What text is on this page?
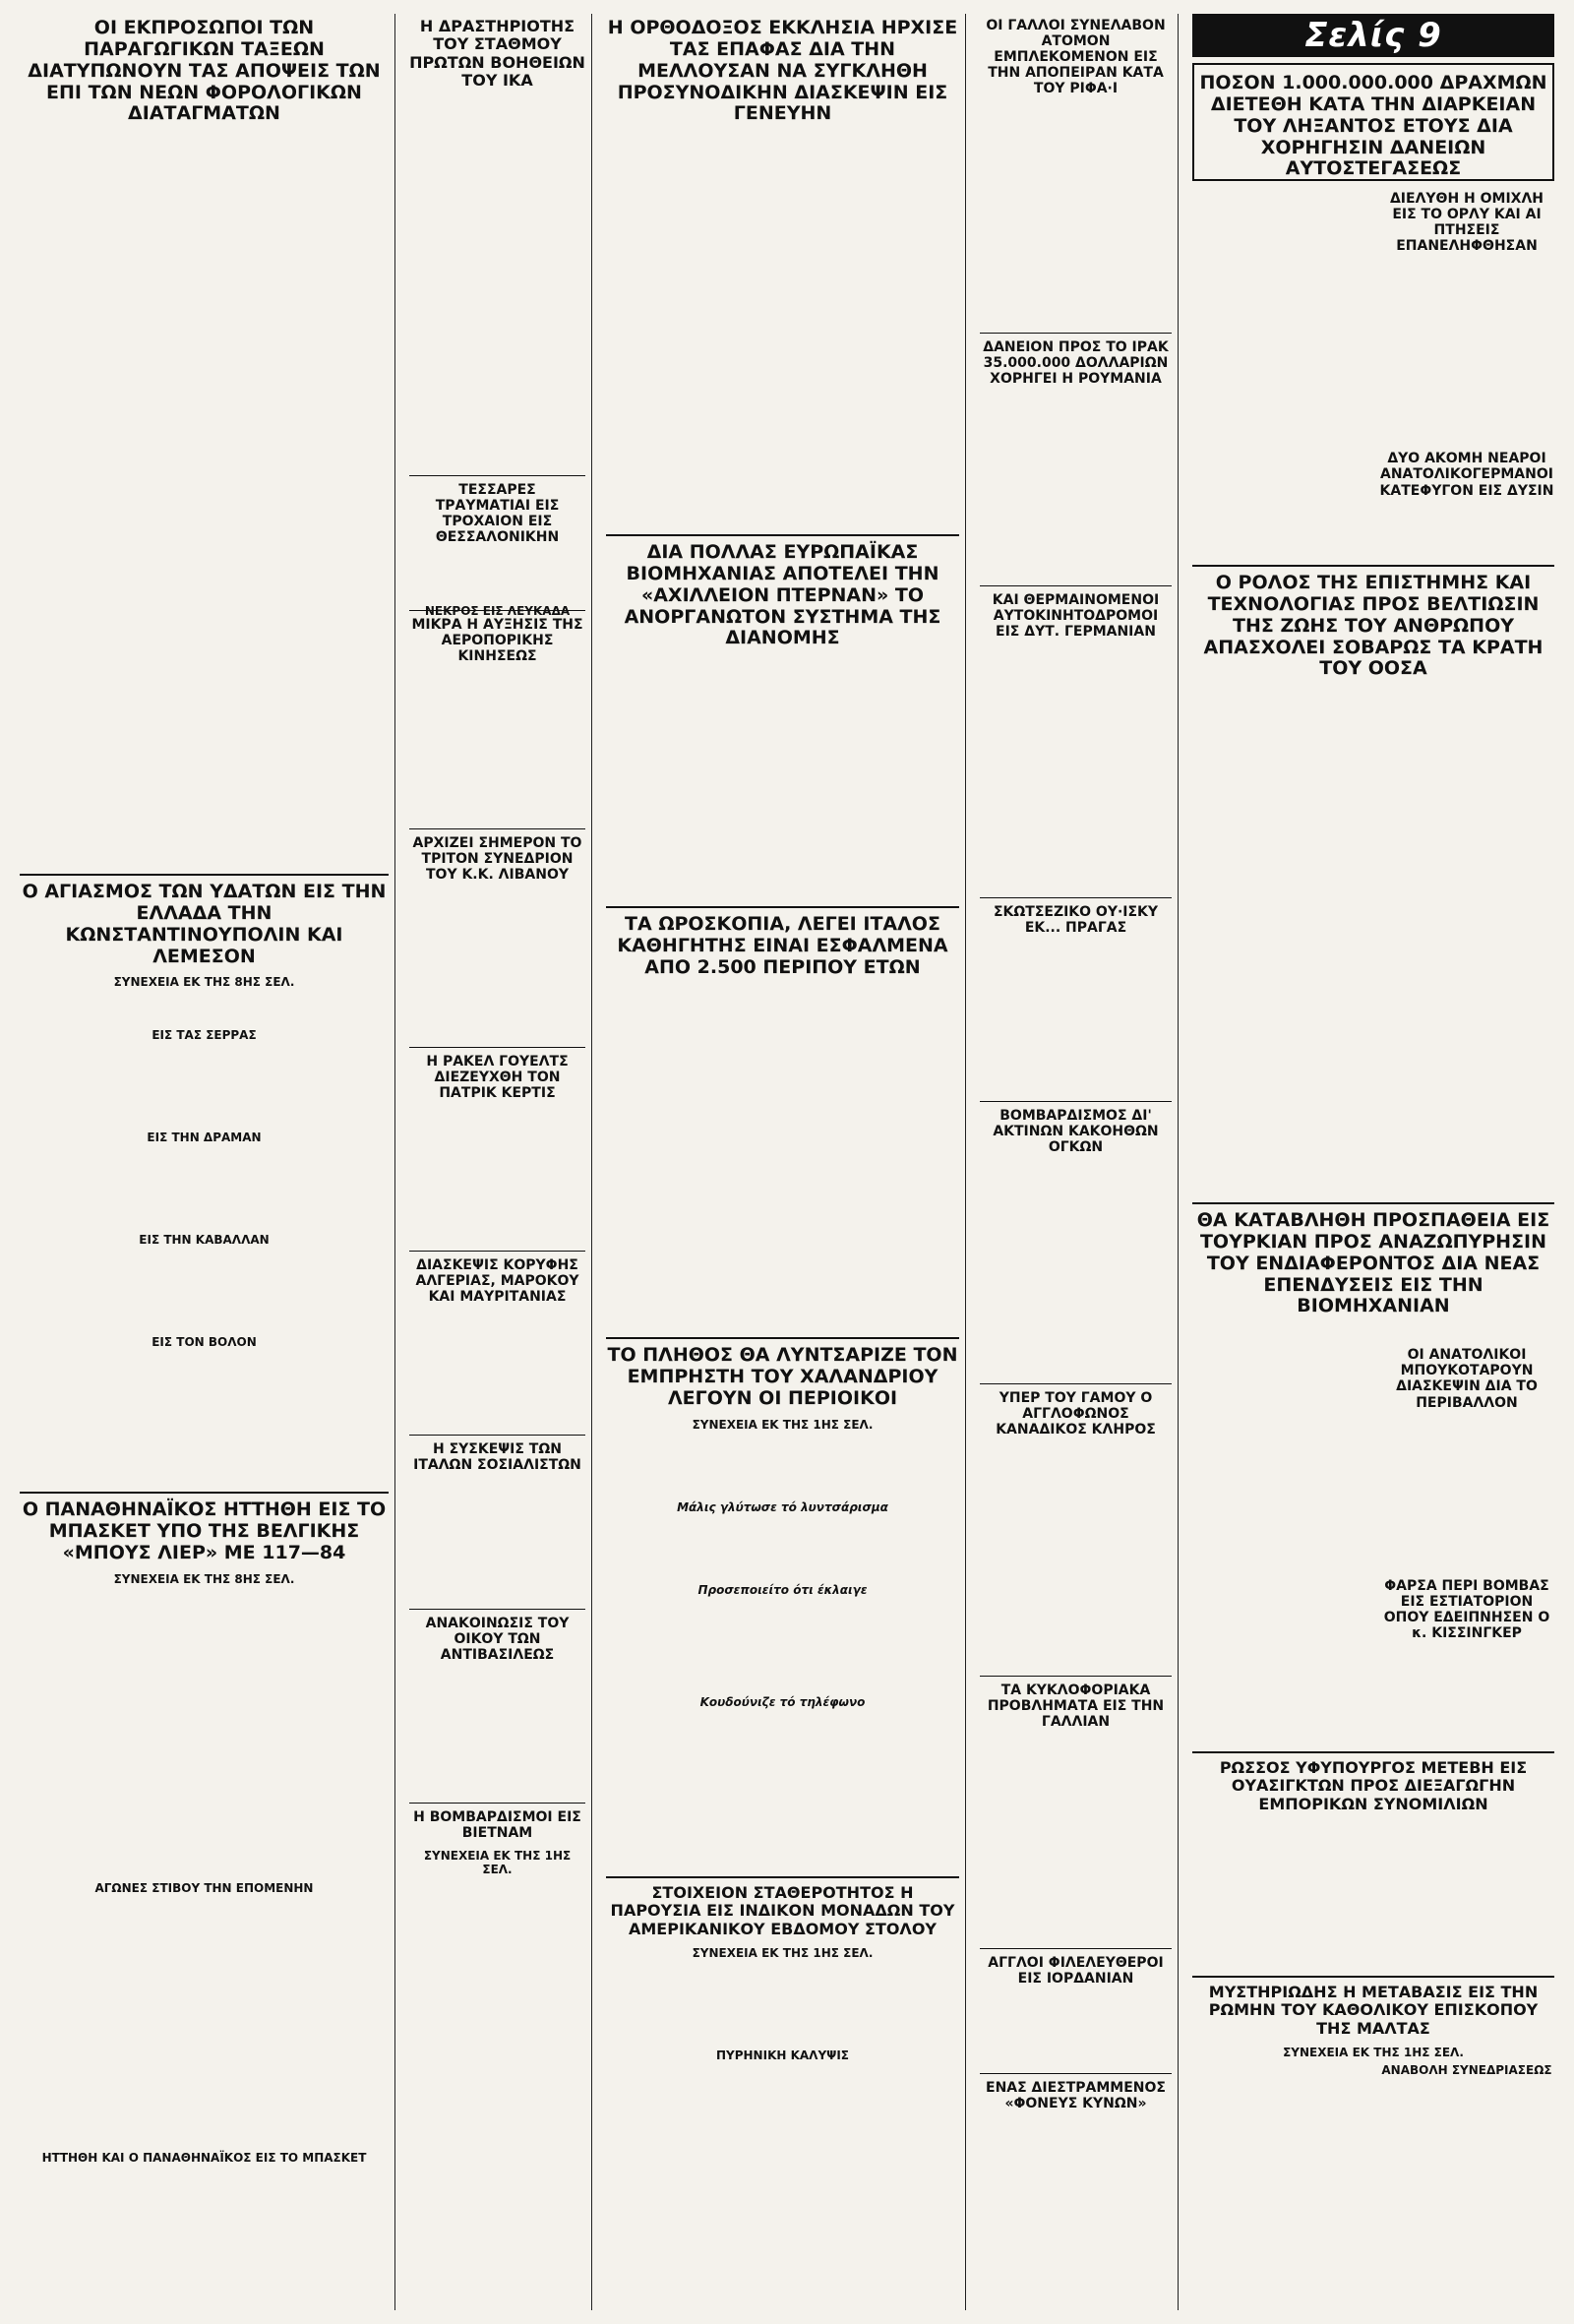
ΟΙ ΕΚΠΡΟΣΩΠΟΙ ΤΩΝ ΠΑΡΑΓΩΓΙΚΩΝ ΤΑΞΕΩΝ ΔΙΑΤΥΠΩΝΟΥΝ ΤΑΣ ΑΠΟΨΕΙΣ ΤΩΝ ΕΠΙ ΤΩΝ ΝΕΩΝ ΦΟΡΟΛΟΓΙΚΩΝ ΔΙΑΤΑΓΜΑΤΩΝ
Ο ΑΓΙΑΣΜΟΣ ΤΩΝ ΥΔΑΤΩΝ ΕΙΣ ΤΗΝ ΕΛΛΑΔΑ ΤΗΝ ΚΩΝΣΤΑΝΤΙΝΟΥΠΟΛΙΝ ΚΑΙ ΛΕΜΕΣΟΝ
ΣΥΝΕΧΕΙΑ ΕΚ ΤΗΣ 8ΗΣ ΣΕΛ.
ΕΙΣ ΤΑΣ ΣΕΡΡΑΣ
ΕΙΣ ΤΗΝ ΔΡΑΜΑΝ
ΕΙΣ ΤΗΝ ΚΑΒΑΛΛΑΝ
ΕΙΣ ΤΟΝ ΒΟΛΟΝ
Ο ΠΑΝΑΘΗΝΑΪΚΟΣ ΗΤΤΗΘΗ ΕΙΣ ΤΟ ΜΠΑΣΚΕΤ ΥΠΟ ΤΗΣ ΒΕΛΓΙΚΗΣ «ΜΠΟΥΣ ΛΙΕΡ» ΜΕ 117—84
ΣΥΝΕΧΕΙΑ ΕΚ ΤΗΣ 8ΗΣ ΣΕΛ.
ΑΓΩΝΕΣ ΣΤΙΒΟΥ ΤΗΝ ΕΠΟΜΕΝΗΝ
ΗΤΤΗΘΗ ΚΑΙ Ο ΠΑΝΑΘΗΝΑΪΚΟΣ ΕΙΣ ΤΟ ΜΠΑΣΚΕΤ
Η ΔΡΑΣΤΗΡΙΟΤΗΣ ΤΟΥ ΣΤΑΘΜΟΥ ΠΡΩΤΩΝ ΒΟΗΘΕΙΩΝ ΤΟΥ ΙΚΑ
ΤΕΣΣΑΡΕΣ ΤΡΑΥΜΑΤΙΑΙ ΕΙΣ ΤΡΟΧΑΙΟΝ ΕΙΣ ΘΕΣΣΑΛΟΝΙΚΗΝ
ΝΕΚΡΟΣ ΕΙΣ ΛΕΥΚΑΔΑ
ΜΙΚΡΑ Η ΑΥΞΗΣΙΣ ΤΗΣ ΑΕΡΟΠΟΡΙΚΗΣ ΚΙΝΗΣΕΩΣ
ΑΡΧΙΖΕΙ ΣΗΜΕΡΟΝ ΤΟ ΤΡΙΤΟΝ ΣΥΝΕΔΡΙΟΝ ΤΟΥ Κ.Κ. ΛΙΒΑΝΟΥ
Η ΡΑΚΕΛ ΓΟΥΕΛΤΣ ΔΙΕΖΕΥΧΘΗ ΤΟΝ ΠΑΤΡΙΚ ΚΕΡΤΙΣ
ΔΙΑΣΚΕΨΙΣ ΚΟΡΥΦΗΣ ΑΛΓΕΡΙΑΣ, ΜΑΡΟΚΟΥ ΚΑΙ ΜΑΥΡΙΤΑΝΙΑΣ
Η ΣΥΣΚΕΨΙΣ ΤΩΝ ΙΤΑΛΩΝ ΣΟΣΙΑΛΙΣΤΩΝ
ΑΝΑΚΟΙΝΩΣΙΣ ΤΟΥ ΟΙΚΟΥ ΤΩΝ ΑΝΤΙΒΑΣΙΛΕΩΣ
Η ΒΟΜΒΑΡΔΙΣΜΟΙ ΕΙΣ ΒΙΕΤΝΑΜ
ΣΥΝΕΧΕΙΑ ΕΚ ΤΗΣ 1ΗΣ ΣΕΛ.
Η ΟΡΘΟΔΟΞΟΣ ΕΚΚΛΗΣΙΑ ΗΡΧΙΣΕ ΤΑΣ ΕΠΑΦΑΣ ΔΙΑ ΤΗΝ ΜΕΛΛΟΥΣΑΝ ΝΑ ΣΥΓΚΛΗΘΗ ΠΡΟΣΥΝΟΔΙΚΗΝ ΔΙΑΣΚΕΨΙΝ ΕΙΣ ΓΕΝΕΥΗΝ
ΔΙΑ ΠΟΛΛΑΣ ΕΥΡΩΠΑΪΚΑΣ ΒΙΟΜΗΧΑΝΙΑΣ ΑΠΟΤΕΛΕΙ ΤΗΝ «ΑΧΙΛΛΕΙΟΝ ΠΤΕΡΝΑΝ» ΤΟ ΑΝΟΡΓΑΝΩΤΟΝ ΣΥΣΤΗΜΑ ΤΗΣ ΔΙΑΝΟΜΗΣ
ΤΑ ΩΡΟΣΚΟΠΙΑ, ΛΕΓΕΙ ΙΤΑΛΟΣ ΚΑΘΗΓΗΤΗΣ ΕΙΝΑΙ ΕΣΦΑΛΜΕΝΑ ΑΠΟ 2.500 ΠΕΡΙΠΟΥ ΕΤΩΝ
ΤΟ ΠΛΗΘΟΣ ΘΑ ΛΥΝΤΣΑΡΙΖΕ ΤΟΝ ΕΜΠΡΗΣΤΗ ΤΟΥ ΧΑΛΑΝΔΡΙΟΥ ΛΕΓΟΥΝ ΟΙ ΠΕΡΙΟΙΚΟΙ
ΣΥΝΕΧΕΙΑ ΕΚ ΤΗΣ 1ΗΣ ΣΕΛ.
Μάλις γλύτωσε τό λυντσάρισμα
Προσεποιείτο ότι έκλαιγε
Κουδούνιζε τό τηλέφωνο
ΣΤΟΙΧΕΙΟΝ ΣΤΑΘΕΡΟΤΗΤΟΣ Η ΠΑΡΟΥΣΙΑ ΕΙΣ ΙΝΔΙΚΟΝ ΜΟΝΑΔΩΝ ΤΟΥ ΑΜΕΡΙΚΑΝΙΚΟΥ ΕΒΔΟΜΟΥ ΣΤΟΛΟΥ
ΣΥΝΕΧΕΙΑ ΕΚ ΤΗΣ 1ΗΣ ΣΕΛ.
ΠΥΡΗΝΙΚΗ ΚΑΛΥΨΙΣ
ΟΙ ΓΑΛΛΟΙ ΣΥΝΕΛΑΒΟΝ ΑΤΟΜΟΝ ΕΜΠΛΕΚΟΜΕΝΟΝ ΕΙΣ ΤΗΝ ΑΠΟΠΕΙΡΑΝ ΚΑΤΑ ΤΟΥ ΡΙΦΑ·Ι
ΔΑΝΕΙΟΝ ΠΡΟΣ ΤΟ ΙΡΑΚ 35.000.000 ΔΟΛΛΑΡΙΩΝ ΧΟΡΗΓΕΙ Η ΡΟΥΜΑΝΙΑ
ΚΑΙ ΘΕΡΜΑΙΝΟΜΕΝΟΙ ΑΥΤΟΚΙΝΗΤΟΔΡΟΜΟΙ ΕΙΣ ΔΥΤ. ΓΕΡΜΑΝΙΑΝ
ΣΚΩΤΣΕΖΙΚΟ ΟΥ·ΙΣΚΥ ΕΚ... ΠΡΑΓΑΣ
ΒΟΜΒΑΡΔΙΣΜΟΣ ΔΙ' ΑΚΤΙΝΩΝ ΚΑΚΟΗΘΩΝ ΟΓΚΩΝ
ΥΠΕΡ ΤΟΥ ΓΑΜΟΥ Ο ΑΓΓΛΟΦΩΝΟΣ ΚΑΝΑΔΙΚΟΣ ΚΛΗΡΟΣ
ΤΑ ΚΥΚΛΟΦΟΡΙΑΚΑ ΠΡΟΒΛΗΜΑΤΑ ΕΙΣ ΤΗΝ ΓΑΛΛΙΑΝ
ΑΓΓΛΟΙ ΦΙΛΕΛΕΥΘΕΡΟΙ ΕΙΣ ΙΟΡΔΑΝΙΑΝ
ΕΝΑΣ ΔΙΕΣΤΡΑΜΜΕΝΟΣ «ΦΟΝΕΥΣ ΚΥΝΩΝ»
Σελίς 9
ΠΟΣΟΝ 1.000.000.000 ΔΡΑΧΜΩΝ ΔΙΕΤΕΘΗ ΚΑΤΑ ΤΗΝ ΔΙΑΡΚΕΙΑΝ ΤΟΥ ΛΗΞΑΝΤΟΣ ΕΤΟΥΣ ΔΙΑ ΧΟΡΗΓΗΣΙΝ ΔΑΝΕΙΩΝ ΑΥΤΟΣΤΕΓΑΣΕΩΣ
ΔΙΕΛΥΘΗ Η ΟΜΙΧΛΗ ΕΙΣ ΤΟ ΟΡΛΥ ΚΑΙ ΑΙ ΠΤΗΣΕΙΣ ΕΠΑΝΕΛΗΦΘΗΣΑΝ
ΔΥΟ ΑΚΟΜΗ ΝΕΑΡΟΙ ΑΝΑΤΟΛΙΚΟΓΕΡΜΑΝΟΙ ΚΑΤΕΦΥΓΟΝ ΕΙΣ ΔΥΣΙΝ
Ο ΡΟΛΟΣ ΤΗΣ ΕΠΙΣΤΗΜΗΣ ΚΑΙ ΤΕΧΝΟΛΟΓΙΑΣ ΠΡΟΣ ΒΕΛΤΙΩΣΙΝ ΤΗΣ ΖΩΗΣ ΤΟΥ ΑΝΘΡΩΠΟΥ ΑΠΑΣΧΟΛΕΙ ΣΟΒΑΡΩΣ ΤΑ ΚΡΑΤΗ ΤΟΥ ΟΟΣΑ
ΘΑ ΚΑΤΑΒΛΗΘΗ ΠΡΟΣΠΑΘΕΙΑ ΕΙΣ ΤΟΥΡΚΙΑΝ ΠΡΟΣ ΑΝΑΖΩΠΥΡΗΣΙΝ ΤΟΥ ΕΝΔΙΑΦΕΡΟΝΤΟΣ ΔΙΑ ΝΕΑΣ ΕΠΕΝΔΥΣΕΙΣ ΕΙΣ ΤΗΝ ΒΙΟΜΗΧΑΝΙΑΝ
ΟΙ ΑΝΑΤΟΛΙΚΟΙ ΜΠΟΥΚΟΤΑΡΟΥΝ ΔΙΑΣΚΕΨΙΝ ΔΙΑ ΤΟ ΠΕΡΙΒΑΛΛΟΝ
ΦΑΡΣΑ ΠΕΡΙ ΒΟΜΒΑΣ ΕΙΣ ΕΣΤΙΑΤΟΡΙΟΝ ΟΠΟΥ ΕΔΕΙΠΝΗΣΕΝ Ο κ. ΚΙΣΣΙΝΓΚΕΡ
ΡΩΣΣΟΣ ΥΦΥΠΟΥΡΓΟΣ ΜΕΤΕΒΗ ΕΙΣ ΟΥΑΣΙΓΚΤΩΝ ΠΡΟΣ ΔΙΕΞΑΓΩΓΗΝ ΕΜΠΟΡΙΚΩΝ ΣΥΝΟΜΙΛΙΩΝ
ΜΥΣΤΗΡΙΩΔΗΣ Η ΜΕΤΑΒΑΣΙΣ ΕΙΣ ΤΗΝ ΡΩΜΗΝ ΤΟΥ ΚΑΘΟΛΙΚΟΥ ΕΠΙΣΚΟΠΟΥ ΤΗΣ ΜΑΛΤΑΣ
ΣΥΝΕΧΕΙΑ ΕΚ ΤΗΣ 1ΗΣ ΣΕΛ.
ΑΝΑΒΟΛΗ ΣΥΝΕΔΡΙΑΣΕΩΣ
